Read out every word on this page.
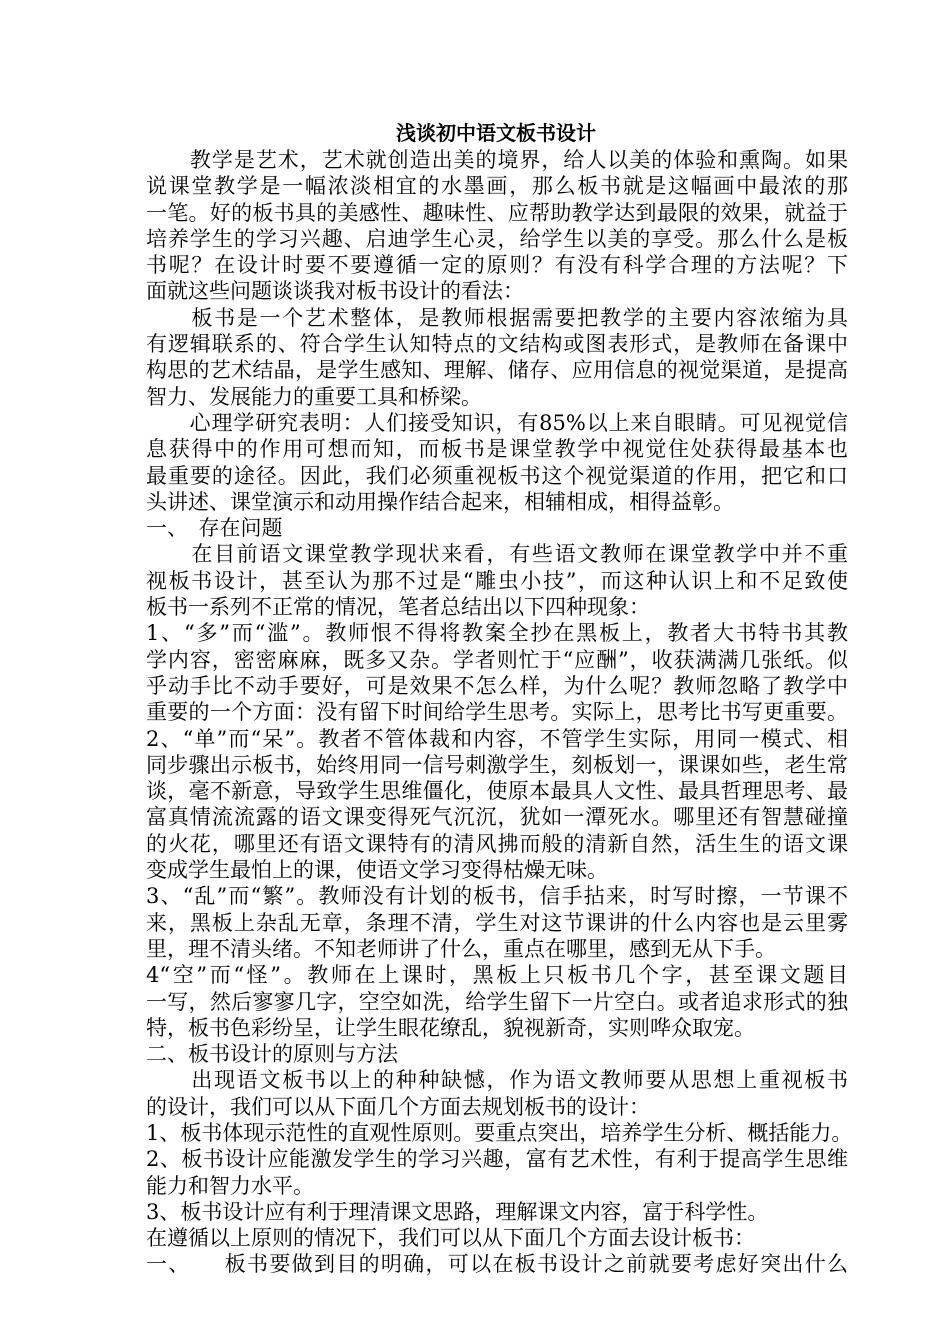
浅谈初中语文板书设计
　　教学是艺术，艺术就创造出美的境界，给人以美的体验和熏陶。如果
说课堂教学是一幅浓淡相宜的水墨画，那么板书就是这幅画中最浓的那
一笔。好的板书具的美感性、趣味性、应帮助教学达到最限的效果，就益于
培养学生的学习兴趣、启迪学生心灵，给学生以美的享受。那么什么是板
书呢？在设计时要不要遵循一定的原则？有没有科学合理的方法呢？下
面就这些问题谈谈我对板书设计的看法：
　　板书是一个艺术整体，是教师根据需要把教学的主要内容浓缩为具
有逻辑联系的、符合学生认知特点的文结构或图表形式，是教师在备课中
构思的艺术结晶，是学生感知、理解、储存、应用信息的视觉渠道，是提高
智力、发展能力的重要工具和桥梁。
　　心理学研究表明：人们接受知识，有85%以上来自眼睛。可见视觉信
息获得中的作用可想而知，而板书是课堂教学中视觉住处获得最基本也
最重要的途径。因此，我们必须重视板书这个视觉渠道的作用，把它和口
头讲述、课堂演示和动用操作结合起来，相辅相成，相得益彰。
一、　存在问题
　　在目前语文课堂教学现状来看，有些语文教师在课堂教学中并不重
视板书设计，甚至认为那不过是“雕虫小技”，而这种认识上和不足致使
板书一系列不正常的情况，笔者总结出以下四种现象：
1、“多”而“滥”。教师恨不得将教案全抄在黑板上，教者大书特书其教
学内容，密密麻麻，既多又杂。学者则忙于“应酬”，收获满满几张纸。似
乎动手比不动手要好，可是效果不怎么样，为什么呢？教师忽略了教学中
重要的一个方面：没有留下时间给学生思考。实际上，思考比书写更重要。
2、“单”而“呆”。教者不管体裁和内容，不管学生实际，用同一模式、相
同步骤出示板书，始终用同一信号刺激学生，刻板划一，课课如些，老生常
谈，毫不新意，导致学生思维僵化，使原本最具人文性、最具哲理思考、最
富真情流流露的语文课变得死气沉沉，犹如一潭死水。哪里还有智慧碰撞
的火花，哪里还有语文课特有的清风拂而般的清新自然，活生生的语文课
变成学生最怕上的课，使语文学习变得枯燥无味。
3、“乱”而“繁”。教师没有计划的板书，信手拈来，时写时擦，一节课不
来，黑板上杂乱无章，条理不清，学生对这节课讲的什么内容也是云里雾
里，理不清头绪。不知老师讲了什么，重点在哪里，感到无从下手。
4“空”而“怪”。教师在上课时，黑板上只板书几个字，甚至课文题目
一写，然后寥寥几字，空空如洗，给学生留下一片空白。或者追求形式的独
特，板书色彩纷呈，让学生眼花缭乱，貌视新奇，实则哗众取宠。
二、板书设计的原则与方法
　　出现语文板书以上的种种缺憾，作为语文教师要从思想上重视板书
的设计，我们可以从下面几个方面去规划板书的设计：
1、板书体现示范性的直观性原则。要重点突出，培养学生分析、概括能力。
2、板书设计应能激发学生的学习兴趣，富有艺术性，有利于提高学生思维
能力和智力水平。
3、板书设计应有利于理清课文思路，理解课文内容，富于科学性。
在遵循以上原则的情况下，我们可以从下面几个方面去设计板书：
一、　　板书要做到目的明确，可以在板书设计之前就要考虑好突出什么
